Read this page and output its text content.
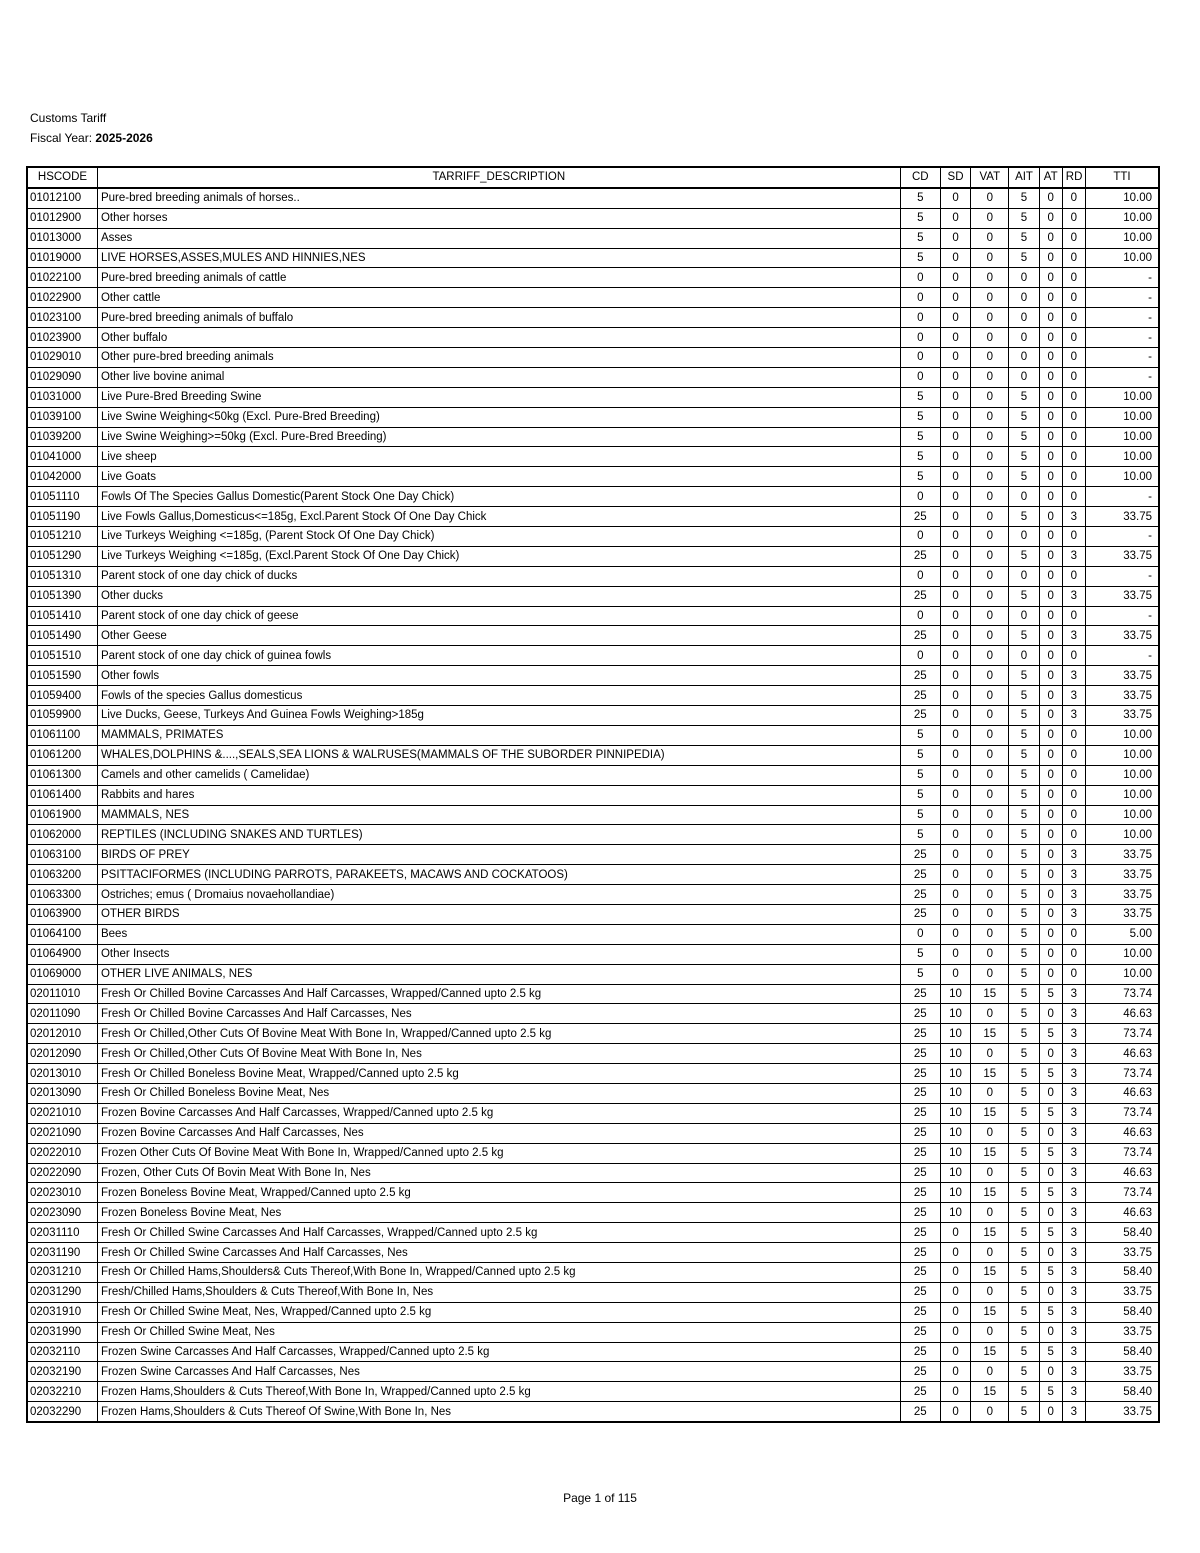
Customs Tariff
Fiscal Year: 2025-2026
HSCODE	TARRIFF_DESCRIPTION	CD	SD	VAT	AIT	AT	RD	TTI
01012100	Pure-bred breeding animals of horses..	5	0	0	5	0	0	10.00
01012900	Other horses	5	0	0	5	0	0	10.00
01013000	Asses	5	0	0	5	0	0	10.00
01019000	LIVE HORSES,ASSES,MULES AND HINNIES,NES	5	0	0	5	0	0	10.00
01022100	Pure-bred breeding animals of cattle	0	0	0	0	0	0	-
01022900	Other cattle	0	0	0	0	0	0	-
01023100	Pure-bred breeding animals of buffalo	0	0	0	0	0	0	-
01023900	Other buffalo	0	0	0	0	0	0	-
01029010	Other pure-bred breeding animals	0	0	0	0	0	0	-
01029090	Other live bovine animal	0	0	0	0	0	0	-
01031000	Live Pure-Bred Breeding Swine	5	0	0	5	0	0	10.00
01039100	Live Swine Weighing<50kg (Excl. Pure-Bred Breeding)	5	0	0	5	0	0	10.00
01039200	Live Swine Weighing>=50kg (Excl. Pure-Bred Breeding)	5	0	0	5	0	0	10.00
01041000	Live sheep	5	0	0	5	0	0	10.00
01042000	Live Goats	5	0	0	5	0	0	10.00
01051110	Fowls Of The Species Gallus Domestic(Parent Stock One Day Chick)	0	0	0	0	0	0	-
01051190	Live Fowls Gallus,Domesticus<=185g, Excl.Parent Stock Of One Day Chick	25	0	0	5	0	3	33.75
01051210	Live Turkeys Weighing <=185g, (Parent Stock Of One Day Chick)	0	0	0	0	0	0	-
01051290	Live Turkeys Weighing <=185g, (Excl.Parent Stock Of One Day Chick)	25	0	0	5	0	3	33.75
01051310	Parent stock of one day chick of ducks	0	0	0	0	0	0	-
01051390	Other ducks	25	0	0	5	0	3	33.75
01051410	Parent stock of one day chick of geese	0	0	0	0	0	0	-
01051490	Other Geese	25	0	0	5	0	3	33.75
01051510	Parent stock of one day chick of guinea fowls	0	0	0	0	0	0	-
01051590	Other fowls	25	0	0	5	0	3	33.75
01059400	Fowls of the species Gallus domesticus	25	0	0	5	0	3	33.75
01059900	Live Ducks, Geese, Turkeys And Guinea Fowls Weighing>185g	25	0	0	5	0	3	33.75
01061100	MAMMALS, PRIMATES	5	0	0	5	0	0	10.00
01061200	WHALES,DOLPHINS &....,SEALS,SEA LIONS & WALRUSES(MAMMALS OF THE SUBORDER PINNIPEDIA)	5	0	0	5	0	0	10.00
01061300	Camels and other camelids ( Camelidae)	5	0	0	5	0	0	10.00
01061400	Rabbits and hares	5	0	0	5	0	0	10.00
01061900	MAMMALS, NES	5	0	0	5	0	0	10.00
01062000	REPTILES (INCLUDING SNAKES AND TURTLES)	5	0	0	5	0	0	10.00
01063100	BIRDS OF PREY	25	0	0	5	0	3	33.75
01063200	PSITTACIFORMES (INCLUDING PARROTS, PARAKEETS, MACAWS AND COCKATOOS)	25	0	0	5	0	3	33.75
01063300	Ostriches; emus ( Dromaius novaehollandiae)	25	0	0	5	0	3	33.75
01063900	OTHER BIRDS	25	0	0	5	0	3	33.75
01064100	Bees	0	0	0	5	0	0	5.00
01064900	Other Insects	5	0	0	5	0	0	10.00
01069000	OTHER LIVE ANIMALS, NES	5	0	0	5	0	0	10.00
02011010	Fresh Or Chilled Bovine Carcasses And Half Carcasses, Wrapped/Canned upto 2.5 kg	25	10	15	5	5	3	73.74
02011090	Fresh Or Chilled Bovine Carcasses And Half Carcasses, Nes	25	10	0	5	0	3	46.63
02012010	Fresh Or Chilled,Other Cuts Of Bovine Meat With Bone In, Wrapped/Canned upto 2.5 kg	25	10	15	5	5	3	73.74
02012090	Fresh Or Chilled,Other Cuts Of Bovine Meat With Bone In, Nes	25	10	0	5	0	3	46.63
02013010	Fresh Or Chilled Boneless Bovine Meat, Wrapped/Canned upto 2.5 kg	25	10	15	5	5	3	73.74
02013090	Fresh Or Chilled Boneless Bovine Meat, Nes	25	10	0	5	0	3	46.63
02021010	Frozen Bovine Carcasses And Half Carcasses, Wrapped/Canned upto 2.5 kg	25	10	15	5	5	3	73.74
02021090	Frozen Bovine Carcasses And Half Carcasses, Nes	25	10	0	5	0	3	46.63
02022010	Frozen Other Cuts Of Bovine Meat With Bone In, Wrapped/Canned upto 2.5 kg	25	10	15	5	5	3	73.74
02022090	Frozen, Other Cuts Of Bovin Meat With Bone In, Nes	25	10	0	5	0	3	46.63
02023010	Frozen Boneless Bovine Meat, Wrapped/Canned upto 2.5 kg	25	10	15	5	5	3	73.74
02023090	Frozen Boneless Bovine Meat, Nes	25	10	0	5	0	3	46.63
02031110	Fresh Or Chilled Swine Carcasses And Half Carcasses, Wrapped/Canned upto 2.5 kg	25	0	15	5	5	3	58.40
02031190	Fresh Or Chilled Swine Carcasses And Half Carcasses, Nes	25	0	0	5	0	3	33.75
02031210	Fresh Or Chilled Hams,Shoulders& Cuts Thereof,With Bone In, Wrapped/Canned upto 2.5 kg	25	0	15	5	5	3	58.40
02031290	Fresh/Chilled Hams,Shoulders & Cuts Thereof,With Bone In, Nes	25	0	0	5	0	3	33.75
02031910	Fresh Or Chilled Swine Meat, Nes, Wrapped/Canned upto 2.5 kg	25	0	15	5	5	3	58.40
02031990	Fresh Or Chilled Swine Meat, Nes	25	0	0	5	0	3	33.75
02032110	Frozen Swine Carcasses And Half Carcasses, Wrapped/Canned upto 2.5 kg	25	0	15	5	5	3	58.40
02032190	Frozen Swine Carcasses And Half Carcasses, Nes	25	0	0	5	0	3	33.75
02032210	Frozen Hams,Shoulders & Cuts Thereof,With Bone In, Wrapped/Canned upto 2.5 kg	25	0	15	5	5	3	58.40
02032290	Frozen Hams,Shoulders & Cuts Thereof Of Swine,With Bone In, Nes	25	0	0	5	0	3	33.75
Page 1 of 115
